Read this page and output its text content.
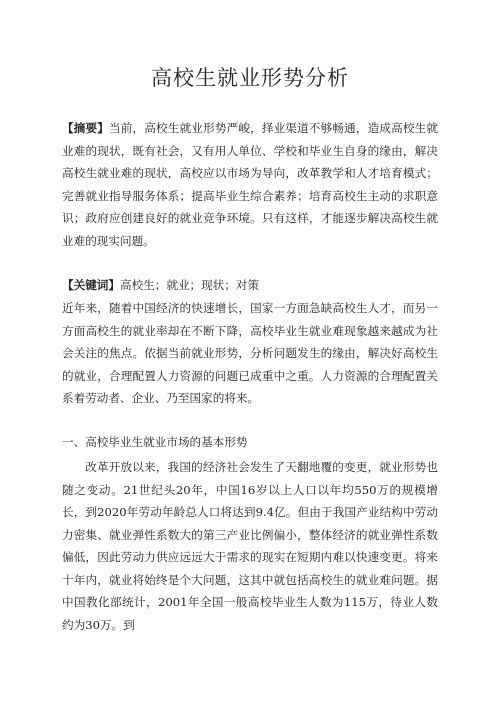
高校生就业形势分析
【摘要】当前，高校生就业形势严峻，择业渠道不够畅通，造成高校生就业难的现状，既有社会，又有用人单位、学校和毕业生自身的缘由，解决高校生就业难的现状，高校应以市场为导向，改革教学和人才培育模式；完善就业指导服务体系；提高毕业生综合素养；培育高校生主动的求职意识；政府应创建良好的就业竞争环境。只有这样，才能逐步解决高校生就业难的现实问题。
【关键词】高校生；就业；现状；对策
近年来，随着中国经济的快速增长，国家一方面急缺高校生人才，而另一方面高校生的就业率却在不断下降，高校毕业生就业难现象越来越成为社会关注的焦点。依据当前就业形势，分析问题发生的缘由，解决好高校生的就业，合理配置人力资源的问题已成重中之重。人力资源的合理配置关系着劳动者、企业、乃至国家的将来。
一、高校毕业生就业市场的基本形势
改革开放以来，我国的经济社会发生了天翻地覆的变更，就业形势也随之变动。21世纪头20年，中国16岁以上人口以年均550万的规模增长，到2020年劳动年龄总人口将达到9.4亿。但由于我国产业结构中劳动力密集、就业弹性系数大的第三产业比例偏小，整体经济的就业弹性系数偏低，因此劳动力供应远远大于需求的现实在短期内难以快速变更。将来十年内，就业将始终是个大问题，这其中就包括高校生的就业难问题。据中国教化部统计，2001年全国一般高校毕业生人数为115万，待业人数约为30万。到
